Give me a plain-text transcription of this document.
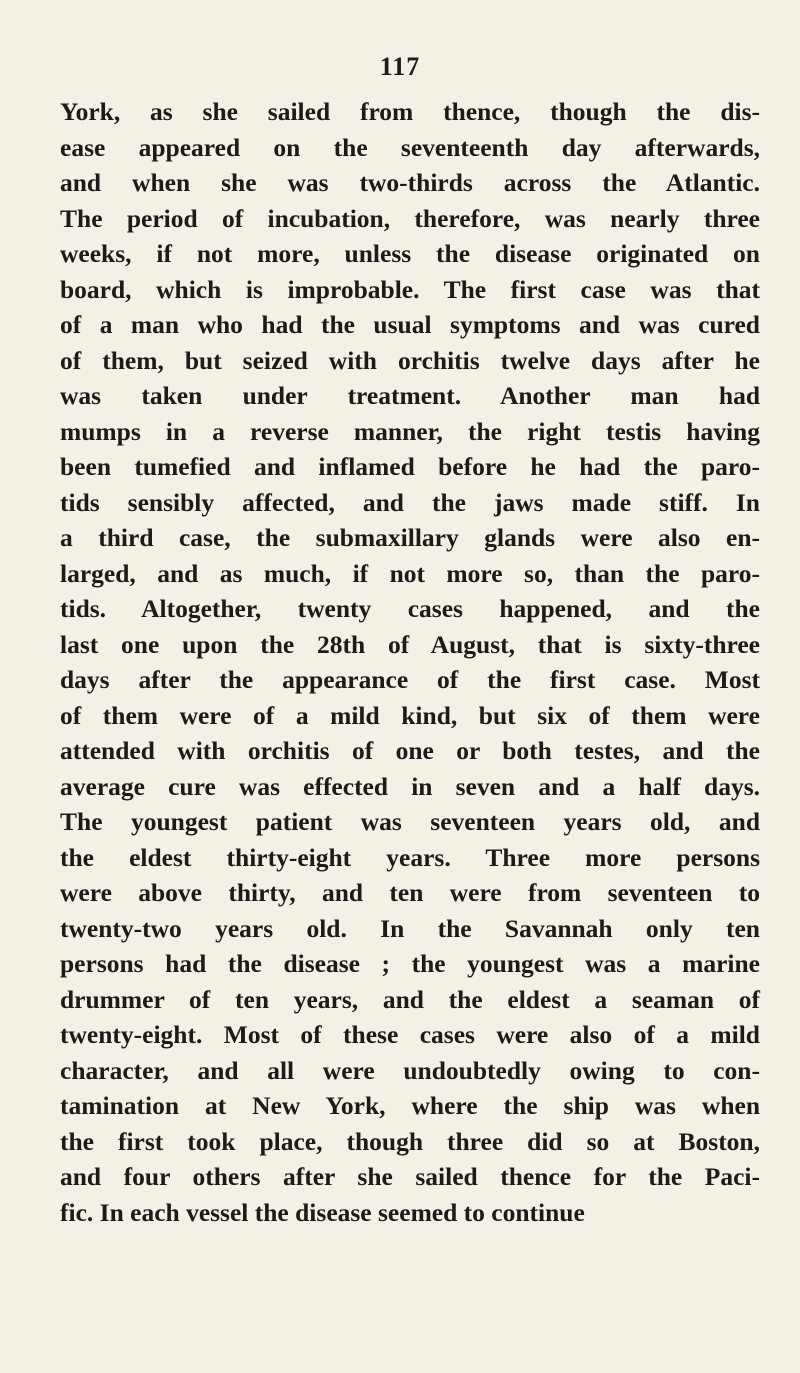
117
York, as she sailed from thence, though the dis-
ease appeared on the seventeenth day afterwards,
and when she was two-thirds across the Atlantic.
The period of incubation, therefore, was nearly three
weeks, if not more, unless the disease originated on
board, which is improbable. The first case was that
of a man who had the usual symptoms and was cured
of them, but seized with orchitis twelve days after he
was taken under treatment. Another man had
mumps in a reverse manner, the right testis having
been tumefied and inflamed before he had the paro-
tids sensibly affected, and the jaws made stiff. In
a third case, the submaxillary glands were also en-
larged, and as much, if not more so, than the paro-
tids. Altogether, twenty cases happened, and the
last one upon the 28th of August, that is sixty-three
days after the appearance of the first case. Most
of them were of a mild kind, but six of them were
attended with orchitis of one or both testes, and the
average cure was effected in seven and a half days.
The youngest patient was seventeen years old, and
the eldest thirty-eight years. Three more persons
were above thirty, and ten were from seventeen to
twenty-two years old. In the Savannah only ten
persons had the disease ; the youngest was a marine
drummer of ten years, and the eldest a seaman of
twenty-eight. Most of these cases were also of a mild
character, and all were undoubtedly owing to con-
tamination at New York, where the ship was when
the first took place, though three did so at Boston,
and four others after she sailed thence for the Paci-
fic. In each vessel the disease seemed to continue
